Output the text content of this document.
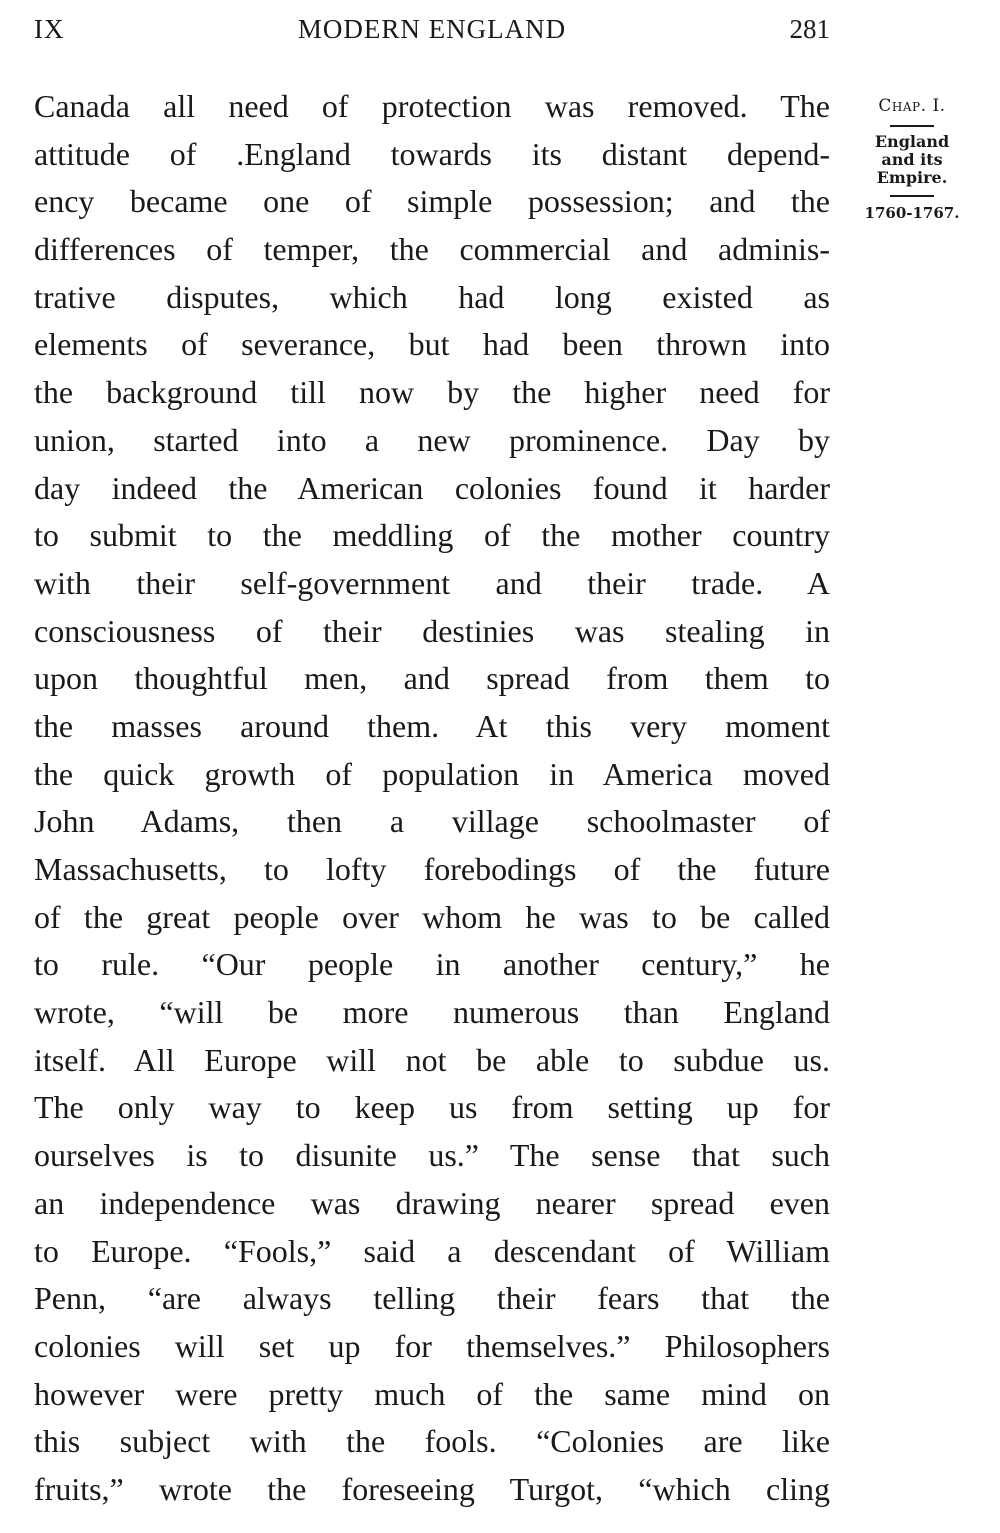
IX	MODERN ENGLAND	281
Canada all need of protection was removed. The
attitude of .England towards its distant depend-
ency became one of simple possession; and the
differences of temper, the commercial and adminis-
trative disputes, which had long existed as
elements of severance, but had been thrown into
the background till now by the higher need for
union, started into a new prominence. Day by
day indeed the American colonies found it harder
to submit to the meddling of the mother country
with their self-government and their trade. A
consciousness of their destinies was stealing in
upon thoughtful men, and spread from them to
the masses around them. At this very moment
the quick growth of population in America moved
John Adams, then a village schoolmaster of
Massachusetts, to lofty forebodings of the future
of the great people over whom he was to be called
to rule. “Our people in another century,” he
wrote, “will be more numerous than England
itself. All Europe will not be able to subdue us.
The only way to keep us from setting up for
ourselves is to disunite us.” The sense that such
an independence was drawing nearer spread even
to Europe. “Fools,” said a descendant of William
Penn, “are always telling their fears that the
colonies will set up for themselves.” Philosophers
however were pretty much of the same mind on
this subject with the fools. “Colonies are like
fruits,” wrote the foreseeing Turgot, “which cling
Chap. I.
England
and its
Empire.
1760-1767.
